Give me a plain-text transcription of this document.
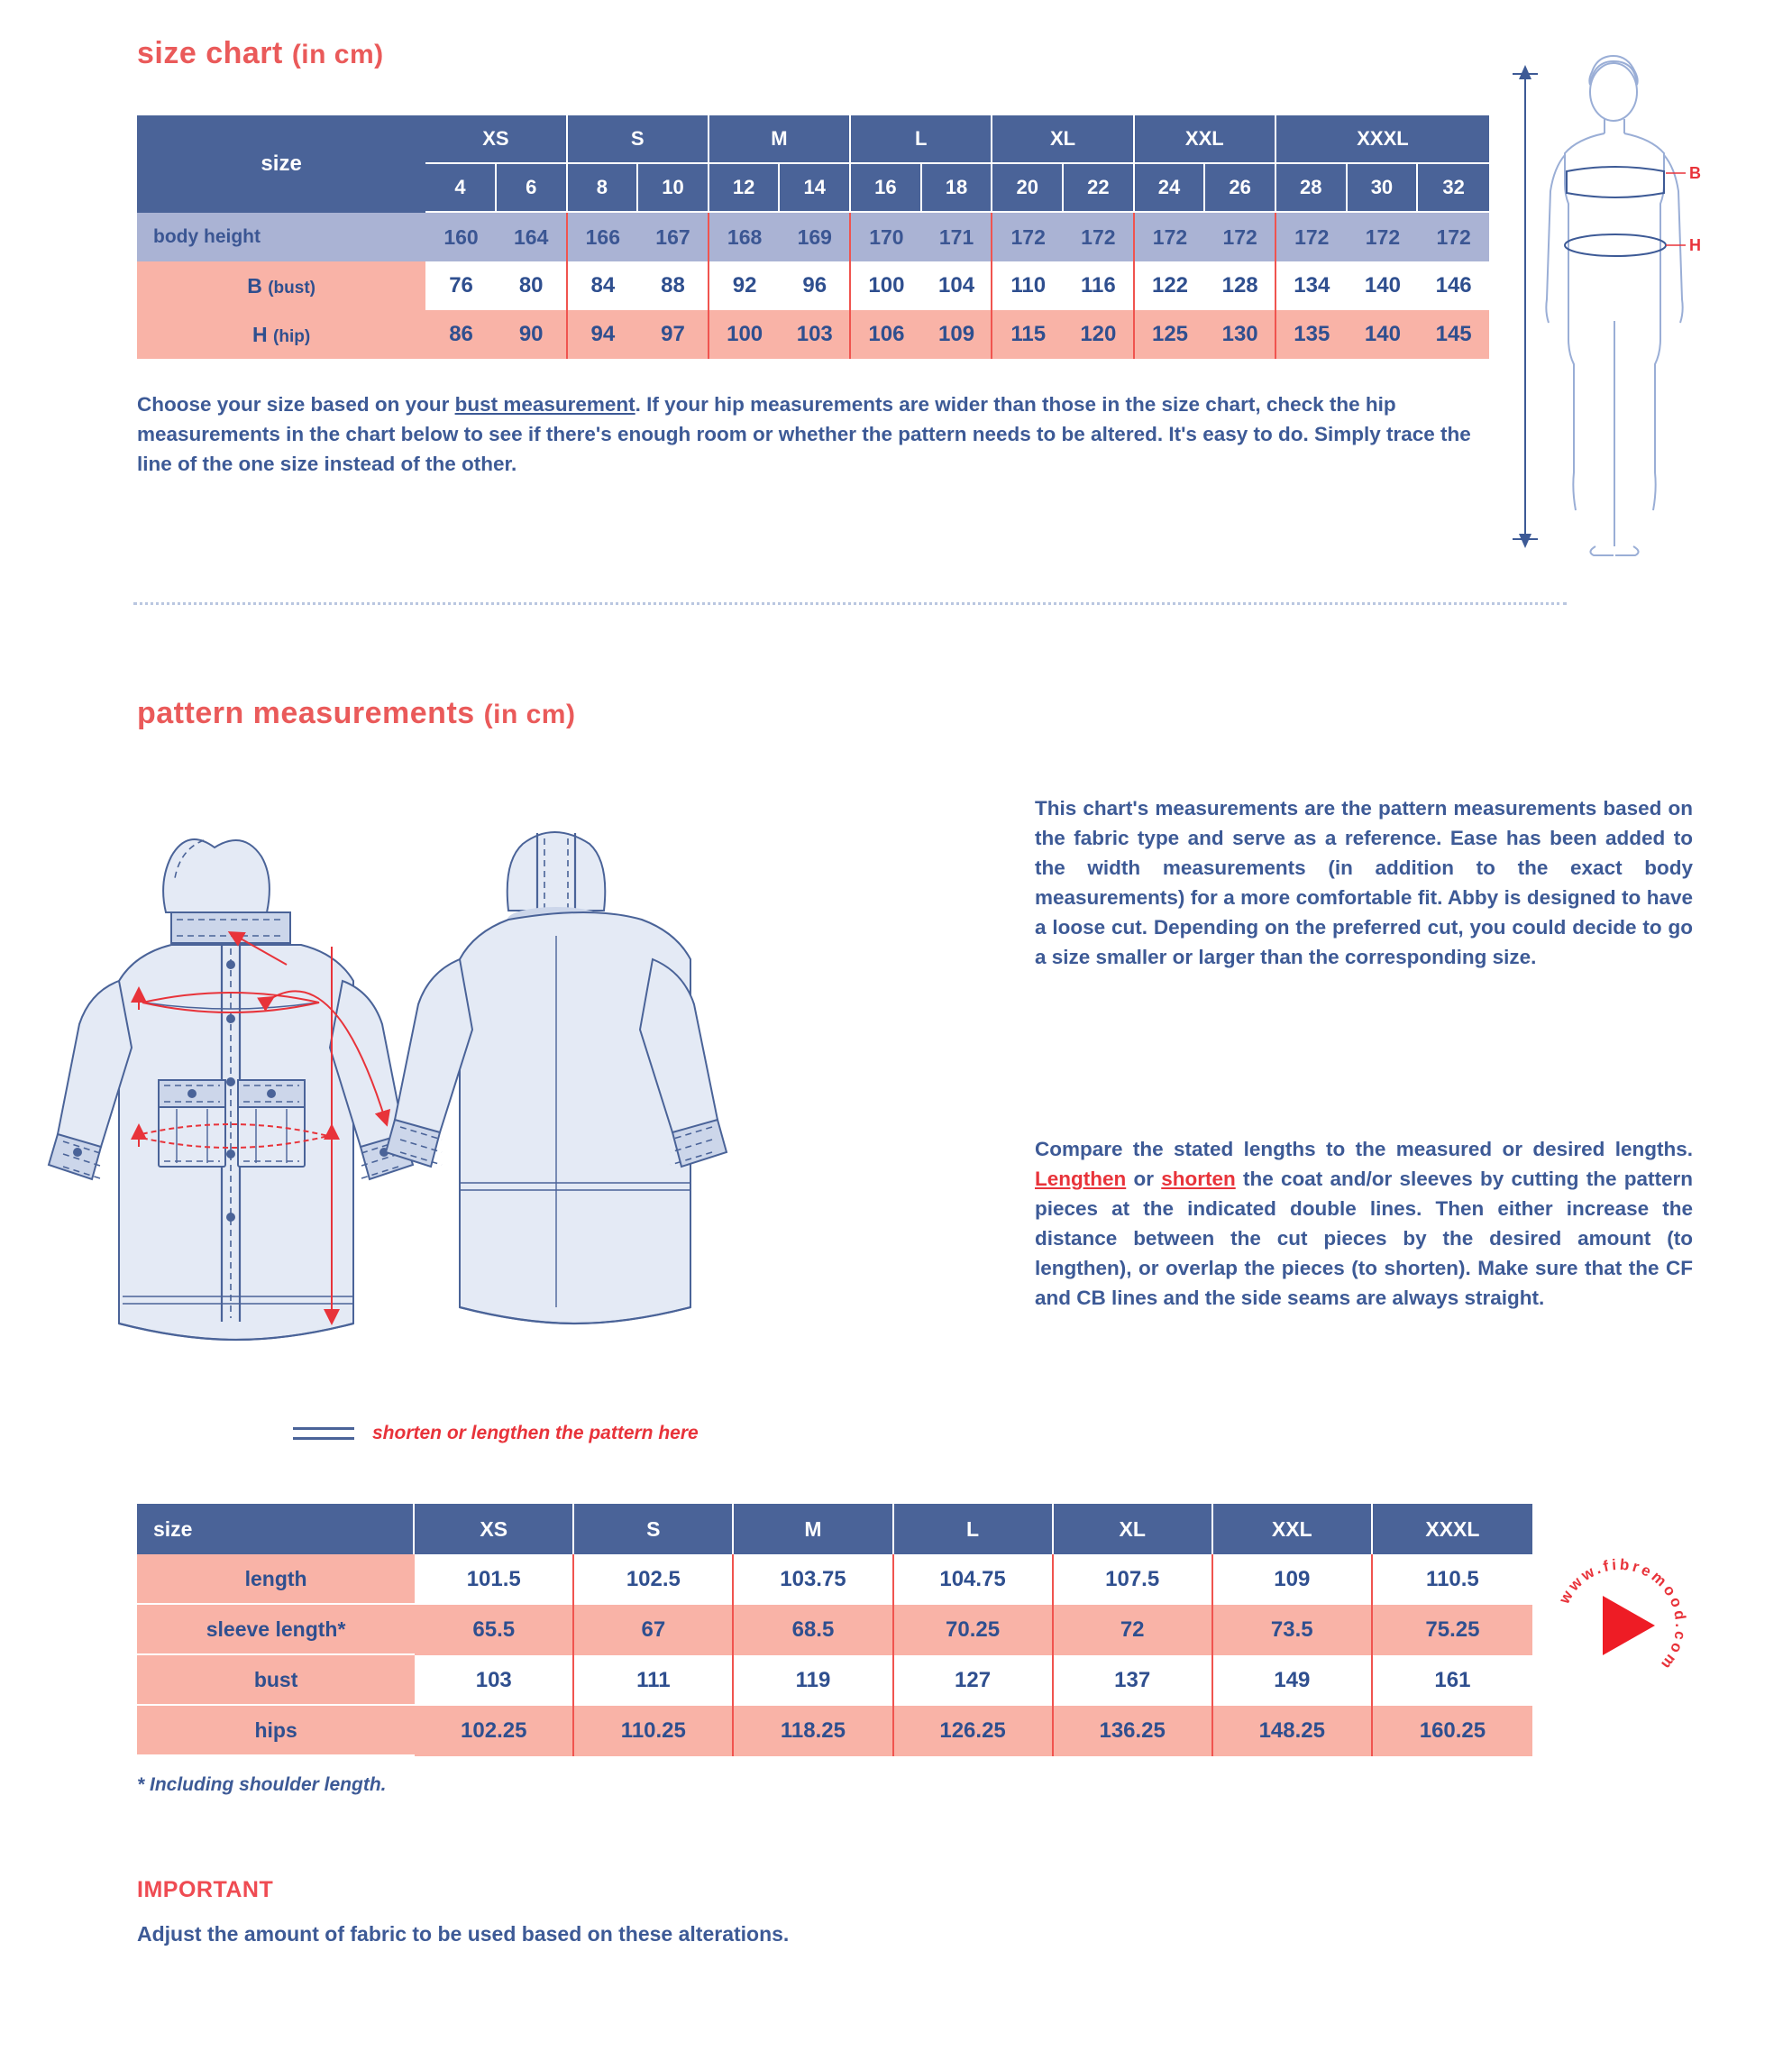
size chart (in cm)
size	XS		S		M		L		XL		XXL		XXXL		
	4	6	8	10	12	14	16	18	20	22	24	26	28	30	32
body height	160	164	166	167	168	169	170	171	172	172	172	172	172	172	172
B (bust)	76	80	84	88	92	96	100	104	110	116	122	128	134	140	146
H (hip)	86	90	94	97	100	103	106	109	115	120	125	130	135	140	145
B
H
Choose your size based on your bust measurement. If your hip measurements are wider than those in the size chart, check the hip measurements in the chart below to see if there's enough room or whether the pattern needs to be altered. It's easy to do. Simply trace the line of the one size instead of the other.
pattern measurements (in cm)
This chart's measurements are the pattern measurements based on the fabric type and serve as a reference. Ease has been added to the width measurements (in addition to the exact body measurements) for a more comfortable fit. Abby is designed to have a loose cut. Depending on the preferred cut, you could decide to go a size smaller or larger than the corresponding size.
Compare the stated lengths to the measured or desired lengths. Lengthen or shorten the coat and/or sleeves by cutting the pattern pieces at the indicated double lines. Then either increase the distance between the cut pieces by the desired amount (to lengthen), or overlap the pieces (to shorten). Make sure that the CF and CB lines and the side seams are always straight.
shorten or lengthen the pattern here
size	XS	S	M	L	XL	XXL	XXXL
length	101.5	102.5	103.75	104.75	107.5	109	110.5
sleeve length*	65.5	67	68.5	70.25	72	73.5	75.25
bust	103	111	119	127	137	149	161
hips	102.25	110.25	118.25	126.25	136.25	148.25	160.25
www.fibremood.com
* Including shoulder length.
IMPORTANT
Adjust the amount of fabric to be used based on these alterations.
